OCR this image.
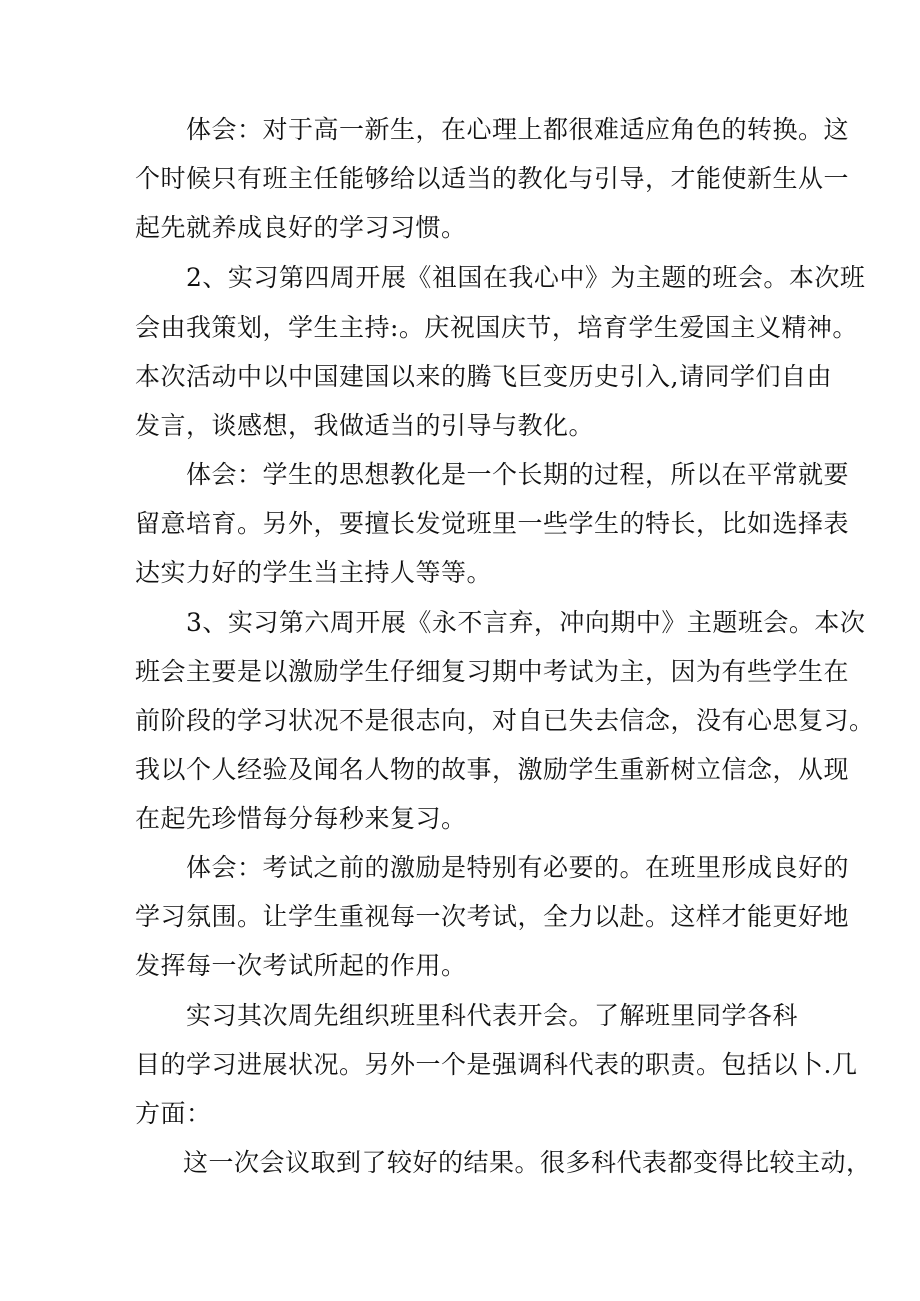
体会：对于高一新生，在心理上都很难适应角色的转换。这
个时候只有班主任能够给以适当的教化与引导，才能使新生从一
起先就养成良好的学习习惯。
2、实习第四周开展《祖国在我心中》为主题的班会。本次班
会由我策划，学生主持:。庆祝国庆节，培育学生爱国主义精神。
本次活动中以中国建国以来的腾飞巨变历史引入,请同学们自由
发言，谈感想，我做适当的引导与教化。
体会：学生的思想教化是一个长期的过程，所以在平常就要
留意培育。另外，要擅长发觉班里一些学生的特长，比如选择表
达实力好的学生当主持人等等。
3、实习第六周开展《永不言弃，冲向期中》主题班会。本次
班会主要是以激励学生仔细复习期中考试为主，因为有些学生在
前阶段的学习状况不是很志向，对自已失去信念，没有心思复习。
我以个人经验及闻名人物的故事，激励学生重新树立信念，从现
在起先珍惜每分每秒来复习。
体会：考试之前的激励是特别有必要的。在班里形成良好的
学习氛围。让学生重视每一次考试，全力以赴。这样才能更好地
发挥每一次考试所起的作用。
实习其次周先组织班里科代表开会。了解班里同学各科
目的学习进展状况。另外一个是强调科代表的职责。包括以卜.几
方面：
这一次会议取到了较好的结果。很多科代表都变得比较主动，
